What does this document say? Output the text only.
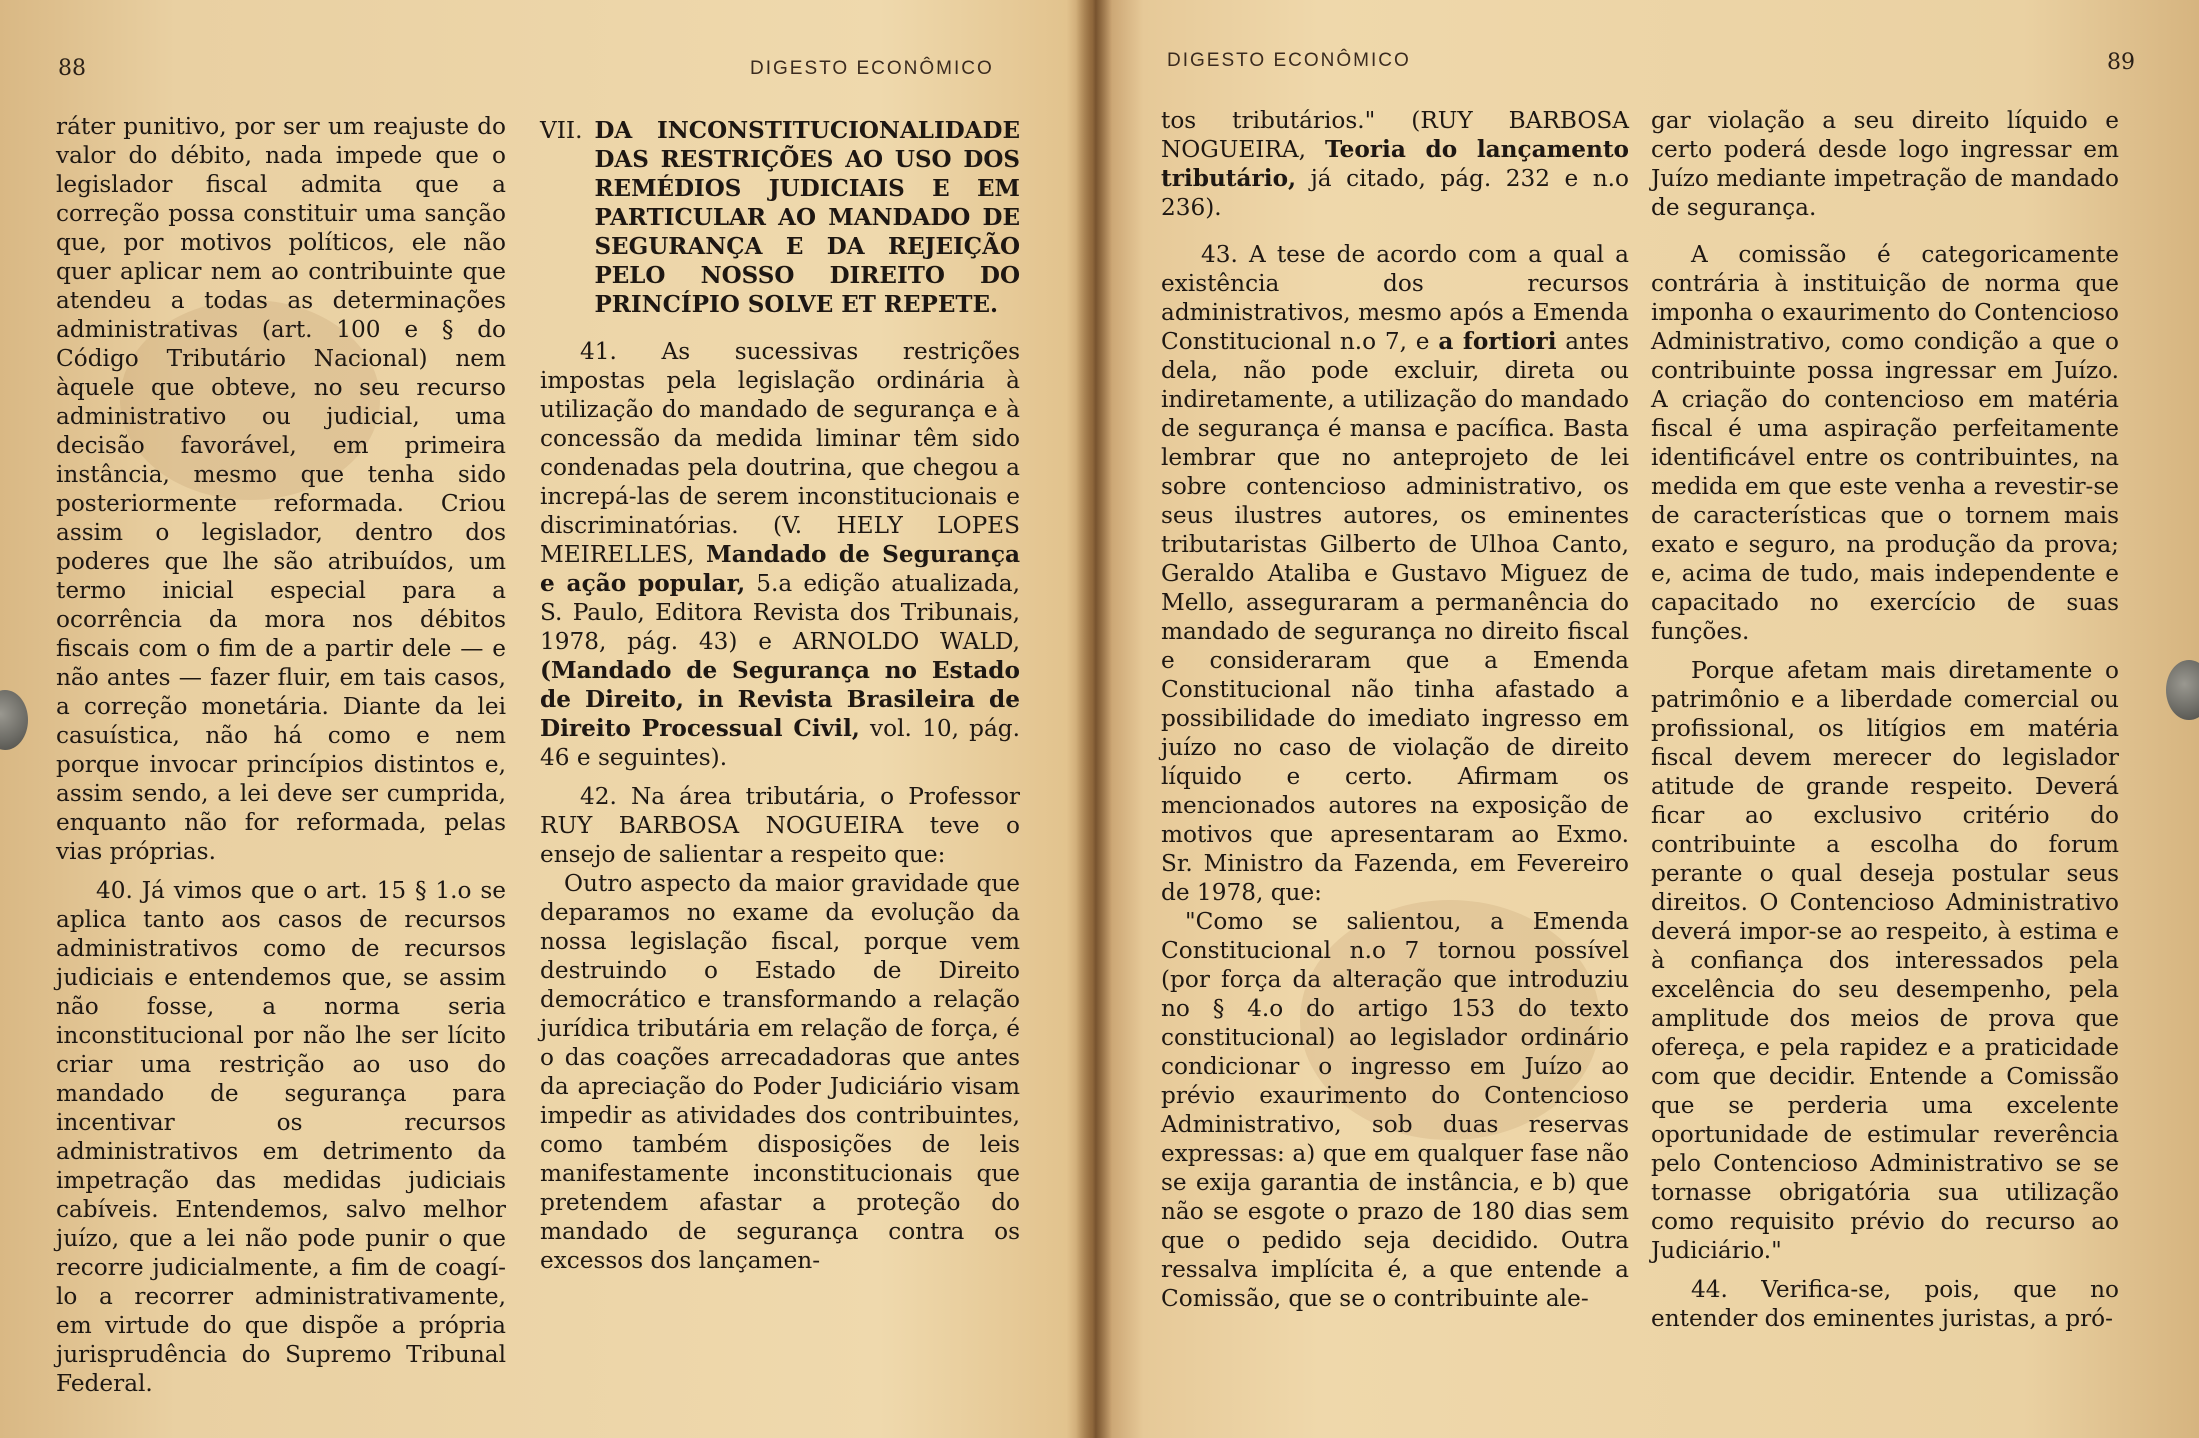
88	DIGESTO ECONÔMICO

ráter punitivo, por ser um reajuste do valor do débito, nada impede que o legislador fiscal admita que a correção possa constituir uma sanção que, por motivos políticos, ele não quer aplicar nem ao contribuinte que atendeu a todas as determinações administrativas (art. 100 e § do Código Tributário Nacional) nem àquele que obteve, no seu recurso administrativo ou judicial, uma decisão favorável, em primeira instância, mesmo que tenha sido posteriormente reformada. Criou assim o legislador, dentro dos poderes que lhe são atribuídos, um termo inicial especial para a ocorrência da mora nos débitos fiscais com o fim de a partir dele — e não antes — fazer fluir, em tais casos, a correção monetária. Diante da lei casuística, não há como e nem porque invocar princípios distintos e, assim sendo, a lei deve ser cumprida, enquanto não for reformada, pelas vias próprias.

40. Já vimos que o art. 15 § 1.o se aplica tanto aos casos de recursos administrativos como de recursos judiciais e entendemos que, se assim não fosse, a norma seria inconstitucional por não lhe ser lícito criar uma restrição ao uso do mandado de segurança para incentivar os recursos administrativos em detrimento da impetração das medidas judiciais cabíveis. Entendemos, salvo melhor juízo, que a lei não pode punir o que recorre judicialmente, a fim de coagí-lo a recorrer administrativamente, em virtude do que dispõe a própria jurisprudência do Supremo Tribunal Federal.

VII. DA INCONSTITUCIONALIDADE DAS RESTRIÇÕES AO USO DOS REMÉDIOS JUDICIAIS E EM PARTICULAR AO MANDADO DE SEGURANÇA E DA REJEIÇÃO PELO NOSSO DIREITO DO PRINCÍPIO SOLVE ET REPETE.

41. As sucessivas restrições impostas pela legislação ordinária à utilização do mandado de segurança e à concessão da medida liminar têm sido condenadas pela doutrina, que chegou a increpá-las de serem inconstitucionais e discriminatórias. (V. HELY LOPES MEIRELLES, Mandado de Segurança e ação popular, 5.a edição atualizada, S. Paulo, Editora Revista dos Tribunais, 1978, pág. 43) e ARNOLDO WALD, (Mandado de Segurança no Estado de Direito, in Revista Brasileira de Direito Processual Civil, vol. 10, pág. 46 e seguintes).

42. Na área tributária, o Professor RUY BARBOSA NOGUEIRA teve o ensejo de salientar a respeito que:

Outro aspecto da maior gravidade que deparamos no exame da evolução da nossa legislação fiscal, porque vem destruindo o Estado de Direito democrático e transformando a relação jurídica tributária em relação de força, é o das coações arrecadadoras que antes da apreciação do Poder Judiciário visam impedir as atividades dos contribuintes, como também disposições de leis manifestamente inconstitucionais que pretendem afastar a proteção do mandado de segurança contra os excessos dos lançamen-

DIGESTO ECONÔMICO	89

tos tributários." (RUY BARBOSA NOGUEIRA, Teoria do lançamento tributário, já citado, pág. 232 e n.o 236).

43. A tese de acordo com a qual a existência dos recursos administrativos, mesmo após a Emenda Constitucional n.o 7, e a fortiori antes dela, não pode excluir, direta ou indiretamente, a utilização do mandado de segurança é mansa e pacífica. Basta lembrar que no anteprojeto de lei sobre contencioso administrativo, os seus ilustres autores, os eminentes tributaristas Gilberto de Ulhoa Canto, Geraldo Ataliba e Gustavo Miguez de Mello, asseguraram a permanência do mandado de segurança no direito fiscal e consideraram que a Emenda Constitucional não tinha afastado a possibilidade do imediato ingresso em juízo no caso de violação de direito líquido e certo. Afirmam os mencionados autores na exposição de motivos que apresentaram ao Exmo. Sr. Ministro da Fazenda, em Fevereiro de 1978, que:

"Como se salientou, a Emenda Constitucional n.o 7 tornou possível (por força da alteração que introduziu no § 4.o do artigo 153 do texto constitucional) ao legislador ordinário condicionar o ingresso em Juízo ao prévio exaurimento do Contencioso Administrativo, sob duas reservas expressas: a) que em qualquer fase não se exija garantia de instância, e b) que não se esgote o prazo de 180 dias sem que o pedido seja decidido. Outra ressalva implícita é, a que entende a Comissão, que se o contribuinte ale-

gar violação a seu direito líquido e certo poderá desde logo ingressar em Juízo mediante impetração de mandado de segurança.

A comissão é categoricamente contrária à instituição de norma que imponha o exaurimento do Contencioso Administrativo, como condição a que o contribuinte possa ingressar em Juízo. A criação do contencioso em matéria fiscal é uma aspiração perfeitamente identificável entre os contribuintes, na medida em que este venha a revestir-se de características que o tornem mais exato e seguro, na produção da prova; e, acima de tudo, mais independente e capacitado no exercício de suas funções.

Porque afetam mais diretamente o patrimônio e a liberdade comercial ou profissional, os litígios em matéria fiscal devem merecer do legislador atitude de grande respeito. Deverá ficar ao exclusivo critério do contribuinte a escolha do forum perante o qual deseja postular seus direitos. O Contencioso Administrativo deverá impor-se ao respeito, à estima e à confiança dos interessados pela excelência do seu desempenho, pela amplitude dos meios de prova que ofereça, e pela rapidez e a praticidade com que decidir. Entende a Comissão que se perderia uma excelente oportunidade de estimular reverência pelo Contencioso Administrativo se se tornasse obrigatória sua utilização como requisito prévio do recurso ao Judiciário."

44. Verifica-se, pois, que no entender dos eminentes juristas, a pró-
